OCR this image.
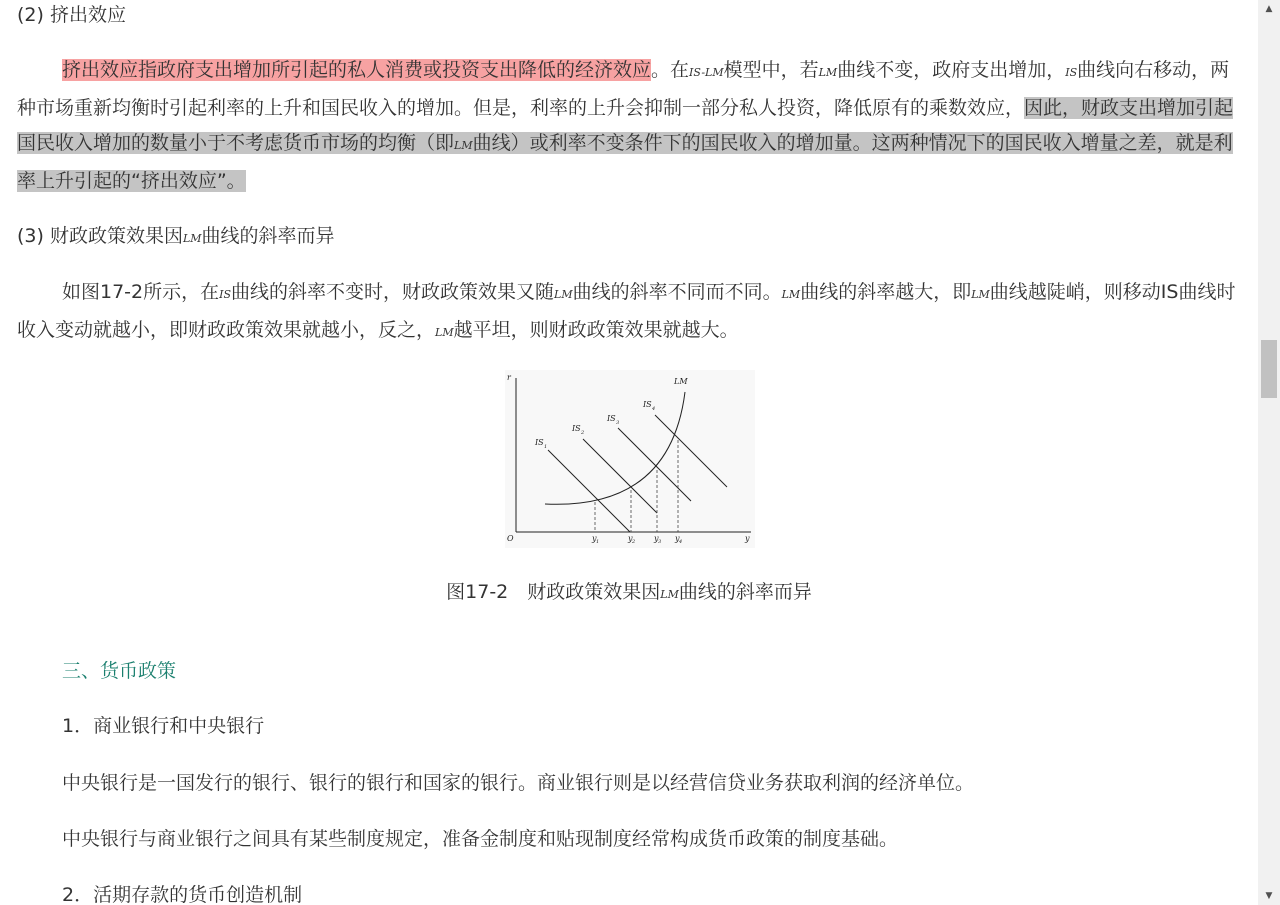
(2) 挤出效应

挤出效应指政府支出增加所引起的私人消费或投资支出降低的经济效应。在IS-LM模型中，若LM曲线不变，政府支出增加，IS曲线向右移动，两种市场重新均衡时引起利率的上升和国民收入的增加。但是，利率的上升会抑制一部分私人投资，降低原有的乘数效应，因此，财政支出增加引起国民收入增加的数量小于不考虑货币市场的均衡（即LM曲线）或利率不变条件下的国民收入的增加量。这两种情况下的国民收入增量之差，就是利率上升引起的“挤出效应”。

(3) 财政政策效果因LM曲线的斜率而异

如图17-2所示，在IS曲线的斜率不变时，财政政策效果又随LM曲线的斜率不同而不同。LM曲线的斜率越大，即LM曲线越陡峭，则移动IS曲线时收入变动就越小，即财政政策效果就越小，反之，LM越平坦，则财政政策效果就越大。

r
O	y
LM
IS 1
IS 2
IS 3
IS 4
y 1	y 2 y 3 y 4
图17-2　财政政策效果因LM曲线的斜率而异
三、货币政策
1．商业银行和中央银行
中央银行是一国发行的银行、银行的银行和国家的银行。商业银行则是以经营信贷业务获取利润的经济单位。
中央银行与商业银行之间具有某些制度规定，准备金制度和贴现制度经常构成货币政策的制度基础。
2．活期存款的货币创造机制
▲
▼
